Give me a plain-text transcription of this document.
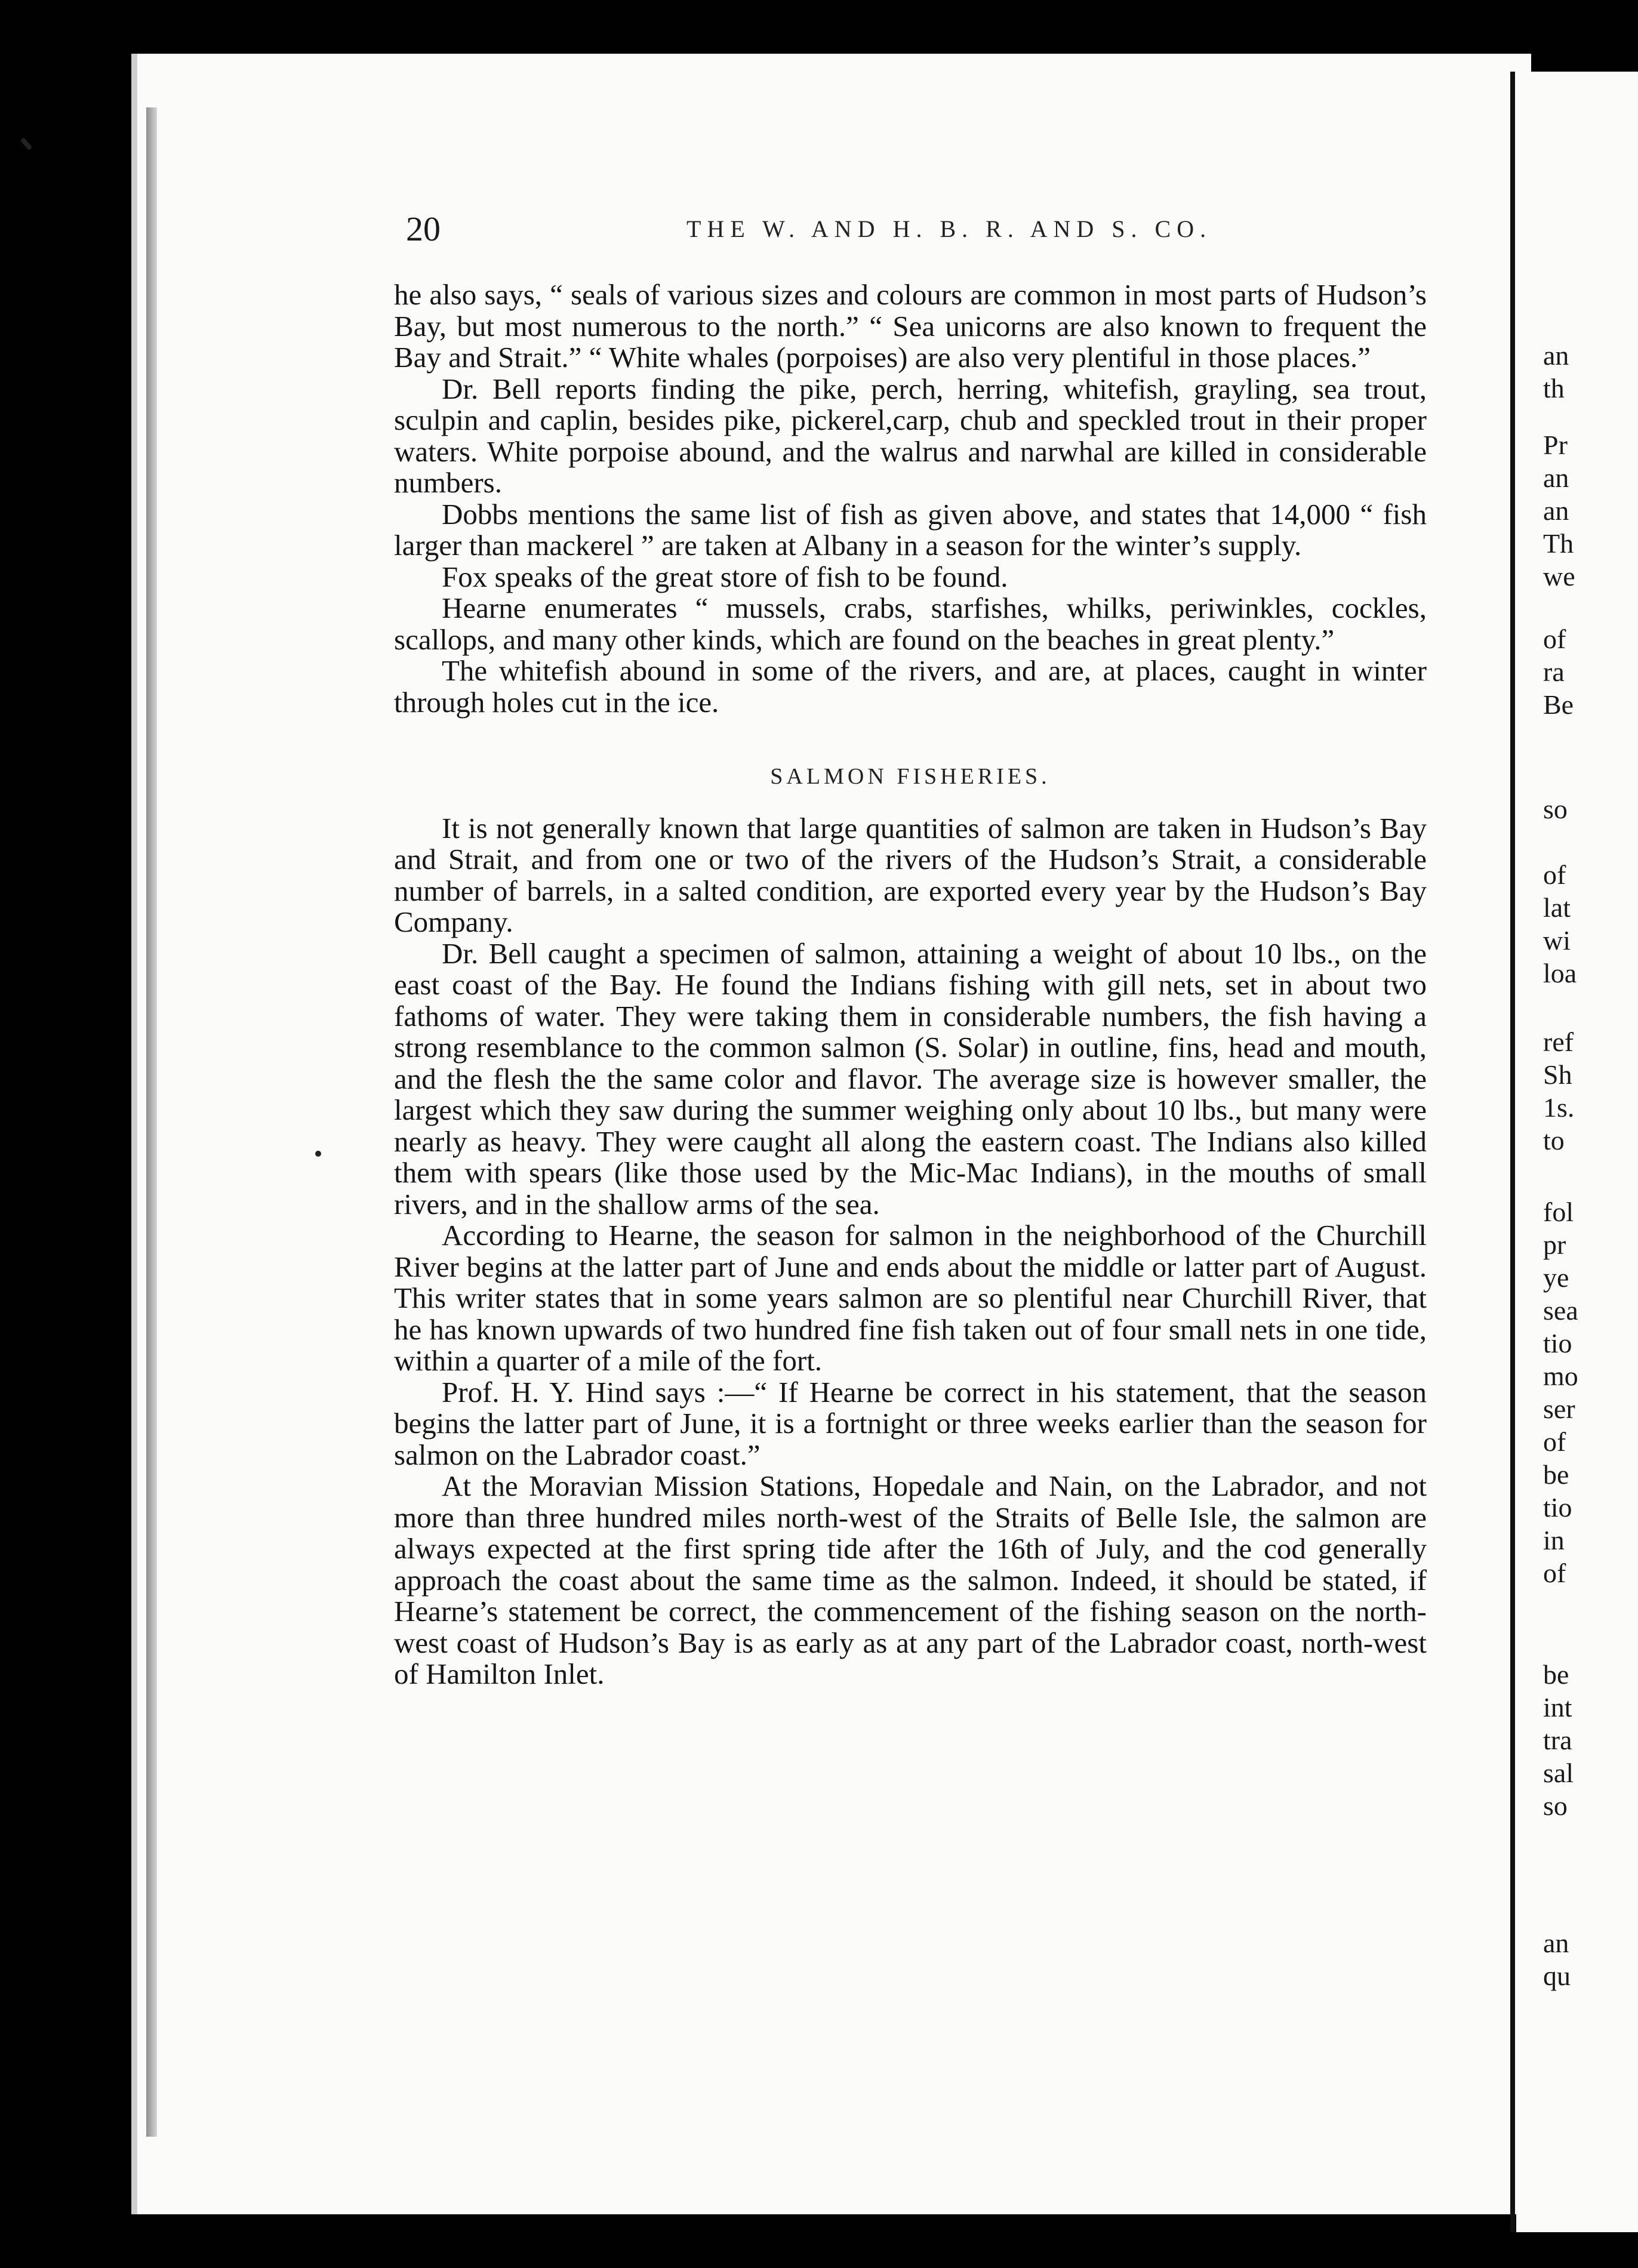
20	THE W. AND H. B. R. AND S. CO.

he also says, “ seals of various sizes and colours are common in most parts of Hudson’s Bay, but most numerous to the north.” “ Sea unicorns are also known to frequent the Bay and Strait.” “ White whales (porpoises) are also very plentiful in those places.”

Dr. Bell reports finding the pike, perch, herring, whitefish, grayling, sea trout, sculpin and caplin, besides pike, pickerel,carp, chub and speckled trout in their proper waters. White porpoise abound, and the walrus and narwhal are killed in considerable numbers.

Dobbs mentions the same list of fish as given above, and states that 14,000 “ fish larger than mackerel ” are taken at Albany in a season for the winter’s supply.

Fox speaks of the great store of fish to be found.

Hearne enumerates “ mussels, crabs, starfishes, whilks, periwinkles, cockles, scallops, and many other kinds, which are found on the beaches in great plenty.”

The whitefish abound in some of the rivers, and are, at places, caught in winter through holes cut in the ice.

SALMON FISHERIES.

It is not generally known that large quantities of salmon are taken in Hudson’s Bay and Strait, and from one or two of the rivers of the Hudson’s Strait, a considerable number of barrels, in a salted condition, are exported every year by the Hudson’s Bay Company.

Dr. Bell caught a specimen of salmon, attaining a weight of about 10 lbs., on the east coast of the Bay. He found the Indians fishing with gill nets, set in about two fathoms of water. They were taking them in considerable numbers, the fish having a strong resemblance to the common salmon (S. Solar) in outline, fins, head and mouth, and the flesh the the same color and flavor. The average size is however smaller, the largest which they saw during the summer weighing only about 10 lbs., but many were nearly as heavy. They were caught all along the eastern coast. The Indians also killed them with spears (like those used by the Mic-Mac Indians), in the mouths of small rivers, and in the shallow arms of the sea.

According to Hearne, the season for salmon in the neighborhood of the Churchill River begins at the latter part of June and ends about the middle or latter part of August. This writer states that in some years salmon are so plentiful near Churchill River, that he has known upwards of two hundred fine fish taken out of four small nets in one tide, within a quarter of a mile of the fort.

Prof. H. Y. Hind says :—“ If Hearne be correct in his statement, that the season begins the latter part of June, it is a fortnight or three weeks earlier than the season for salmon on the Labrador coast.”

At the Moravian Mission Stations, Hopedale and Nain, on the Labrador, and not more than three hundred miles north-west of the Straits of Belle Isle, the salmon are always expected at the first spring tide after the 16th of July, and the cod generally approach the coast about the same time as the salmon. Indeed, it should be stated, if Hearne’s statement be correct, the commencement of the fishing season on the north-west coast of Hudson’s Bay is as early as at any part of the Labrador coast, north-west of Hamilton Inlet.

an
th
Pr
an
an
Th
we
of
ra
Be
so
of
lat
wi
loa
ref
Sh
1s.
to
fol
pr
ye
sea
tio
mo
ser
of
be
tio
in
of
be
int
tra
sal
so
an
qu
